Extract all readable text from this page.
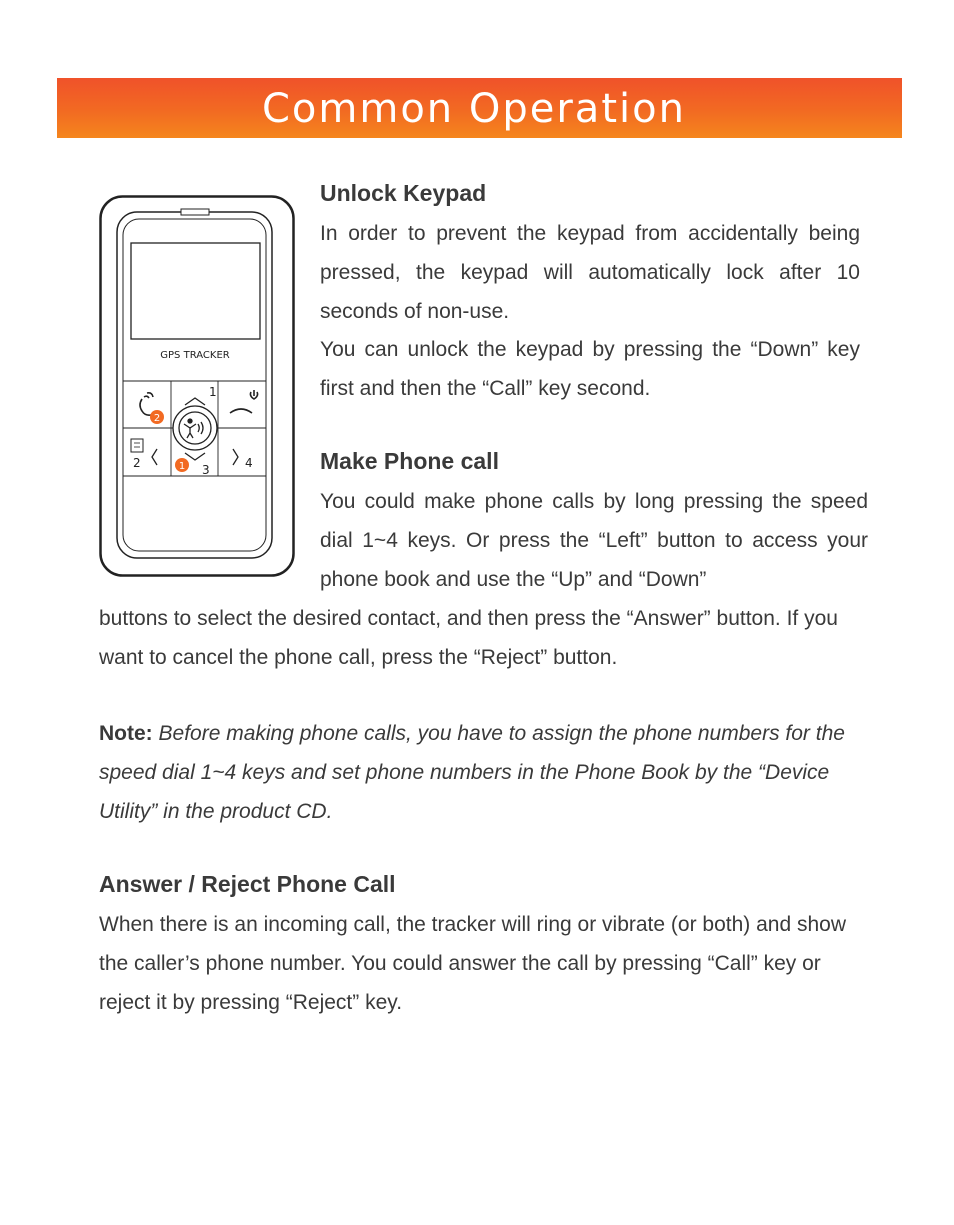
Common Operation
GPS TRACKER
1
3
2	4
2
1
Unlock Keypad

In order to prevent the keypad from accidentally being pressed, the keypad will automatically lock after 10 seconds of non-use.

You can unlock the keypad by pressing the “Down” key first and then the “Call” key second.

Make Phone call

You could make phone calls by long pressing the speed dial 1~4 keys. Or press the “Left” button to access your phone book and use the “Up” and “Down”

buttons to select the desired contact, and then press the “Answer” button. If you want to cancel the phone call, press the “Reject” button.

Note: Before making phone calls, you have to assign the phone numbers for the speed dial 1~4 keys and set phone numbers in the Phone Book by the “Device Utility” in the product CD.

Answer / Reject Phone Call

When there is an incoming call, the tracker will ring or vibrate (or both) and show the caller’s phone number. You could answer the call by pressing “Call” key or reject it by pressing “Reject” key.
